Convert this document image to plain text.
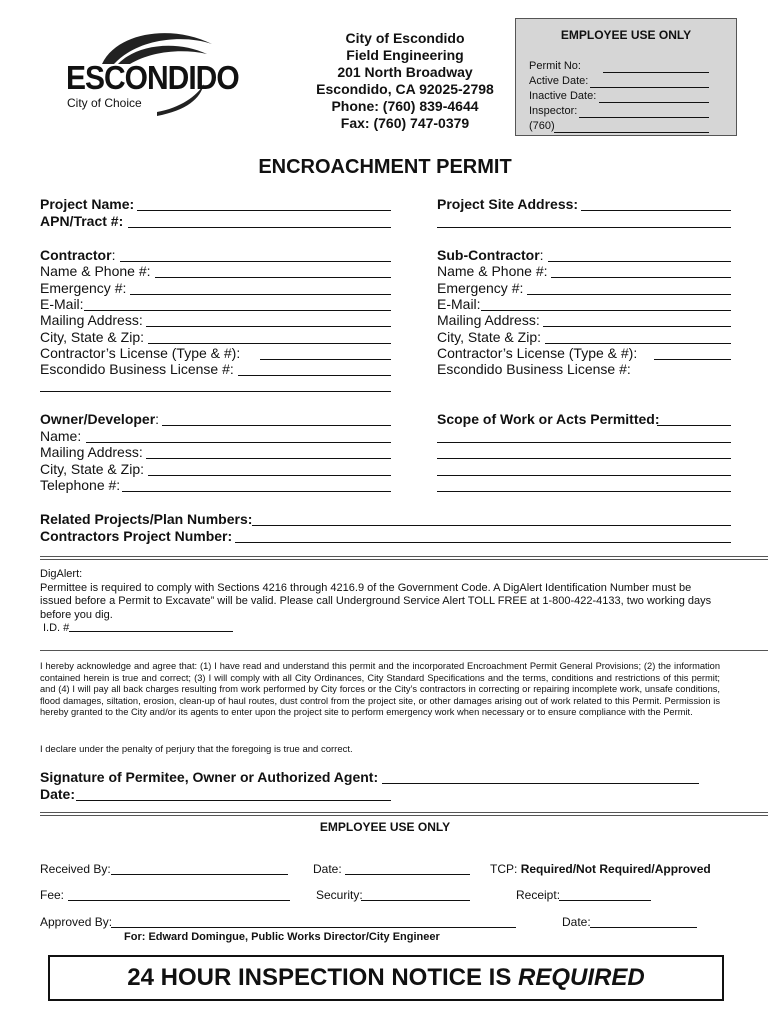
ESCONDIDO
City of Choice
City of Escondido
Field Engineering
201 North Broadway
Escondido, CA 92025-2798
Phone: (760) 839-4644
Fax: (760) 747-0379
EMPLOYEE USE ONLY
Permit No:
Active Date:
Inactive Date:
Inspector:
(760)
ENCROACHMENT PERMIT
Project Name:
APN/Tract #:
Project Site Address:
Contractor:
Name & Phone #:
Emergency #:
E-Mail:
Mailing Address:
City, State & Zip:
Contractor’s License (Type & #):
Escondido Business License #:
Sub-Contractor:
Name & Phone #:
Emergency #:
E-Mail:
Mailing Address:
City, State & Zip:
Contractor’s License (Type & #):
Escondido Business License #:
Owner/Developer:
Name:
Mailing Address:
City, State & Zip:
Telephone #:
Scope of Work or Acts Permitted:
Related Projects/Plan Numbers:
Contractors Project Number:
DigAlert:
Permittee is required to comply with Sections 4216 through 4216.9 of the Government Code. A DigAlert Identification Number must be issued before a Permit to Excavate” will be valid. Please call Underground Service Alert TOLL FREE at 1-800-422-4133, two working days before you dig.
I.D. #
I hereby acknowledge and agree that: (1) I have read and understand this permit and the incorporated Encroachment Permit General Provisions; (2) the information contained herein is true and correct; (3) I will comply with all City Ordinances, City Standard Specifications and the terms, conditions and restrictions of this permit; and (4) I will pay all back charges resulting from work performed by City forces or the City’s contractors in correcting or repairing incomplete work, unsafe conditions, flood damages, siltation, erosion, clean-up of haul routes, dust control from the project site, or other damages arising out of work related to this Permit. Permission is hereby granted to the City and/or its agents to enter upon the project site to perform emergency work when necessary or to ensure compliance with the Permit.
I declare under the penalty of perjury that the foregoing is true and correct.
Signature of Permitee, Owner or Authorized Agent:
Date:
EMPLOYEE USE ONLY
Received By:	Date:	TCP: Required/Not Required/Approved
Fee:	Security:	Receipt:
Approved By:	Date:
For: Edward Domingue, Public Works Director/City Engineer
24 HOUR INSPECTION NOTICE IS REQUIRED
